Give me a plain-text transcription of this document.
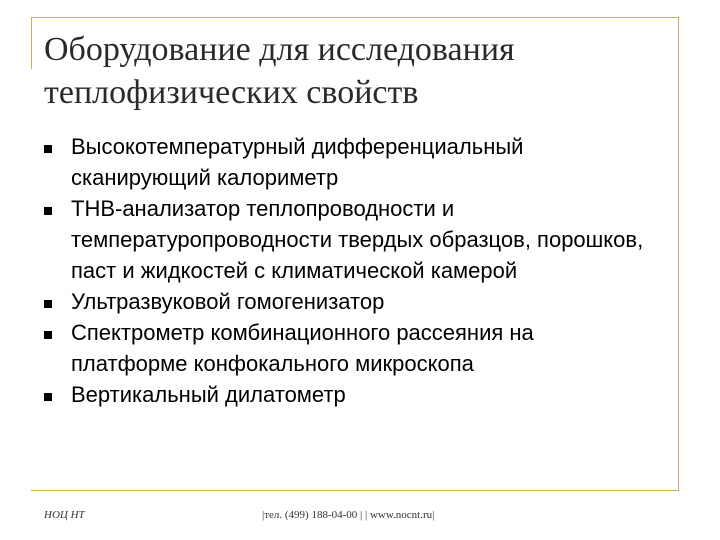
Оборудование для исследования теплофизических свойств
Высокотемпературный дифференциальный сканирующий калориметр
THB-анализатор теплопроводности и температуропроводности твердых образцов, порошков, паст и жидкостей с климатической камерой
Ультразвуковой гомогенизатор
Спектрометр комбинационного рассеяния на платформе конфокального микроскопа
Вертикальный дилатометр
НОЦ НТ	|тел. (499) 188-04-00 | | www.nocnt.ru|
